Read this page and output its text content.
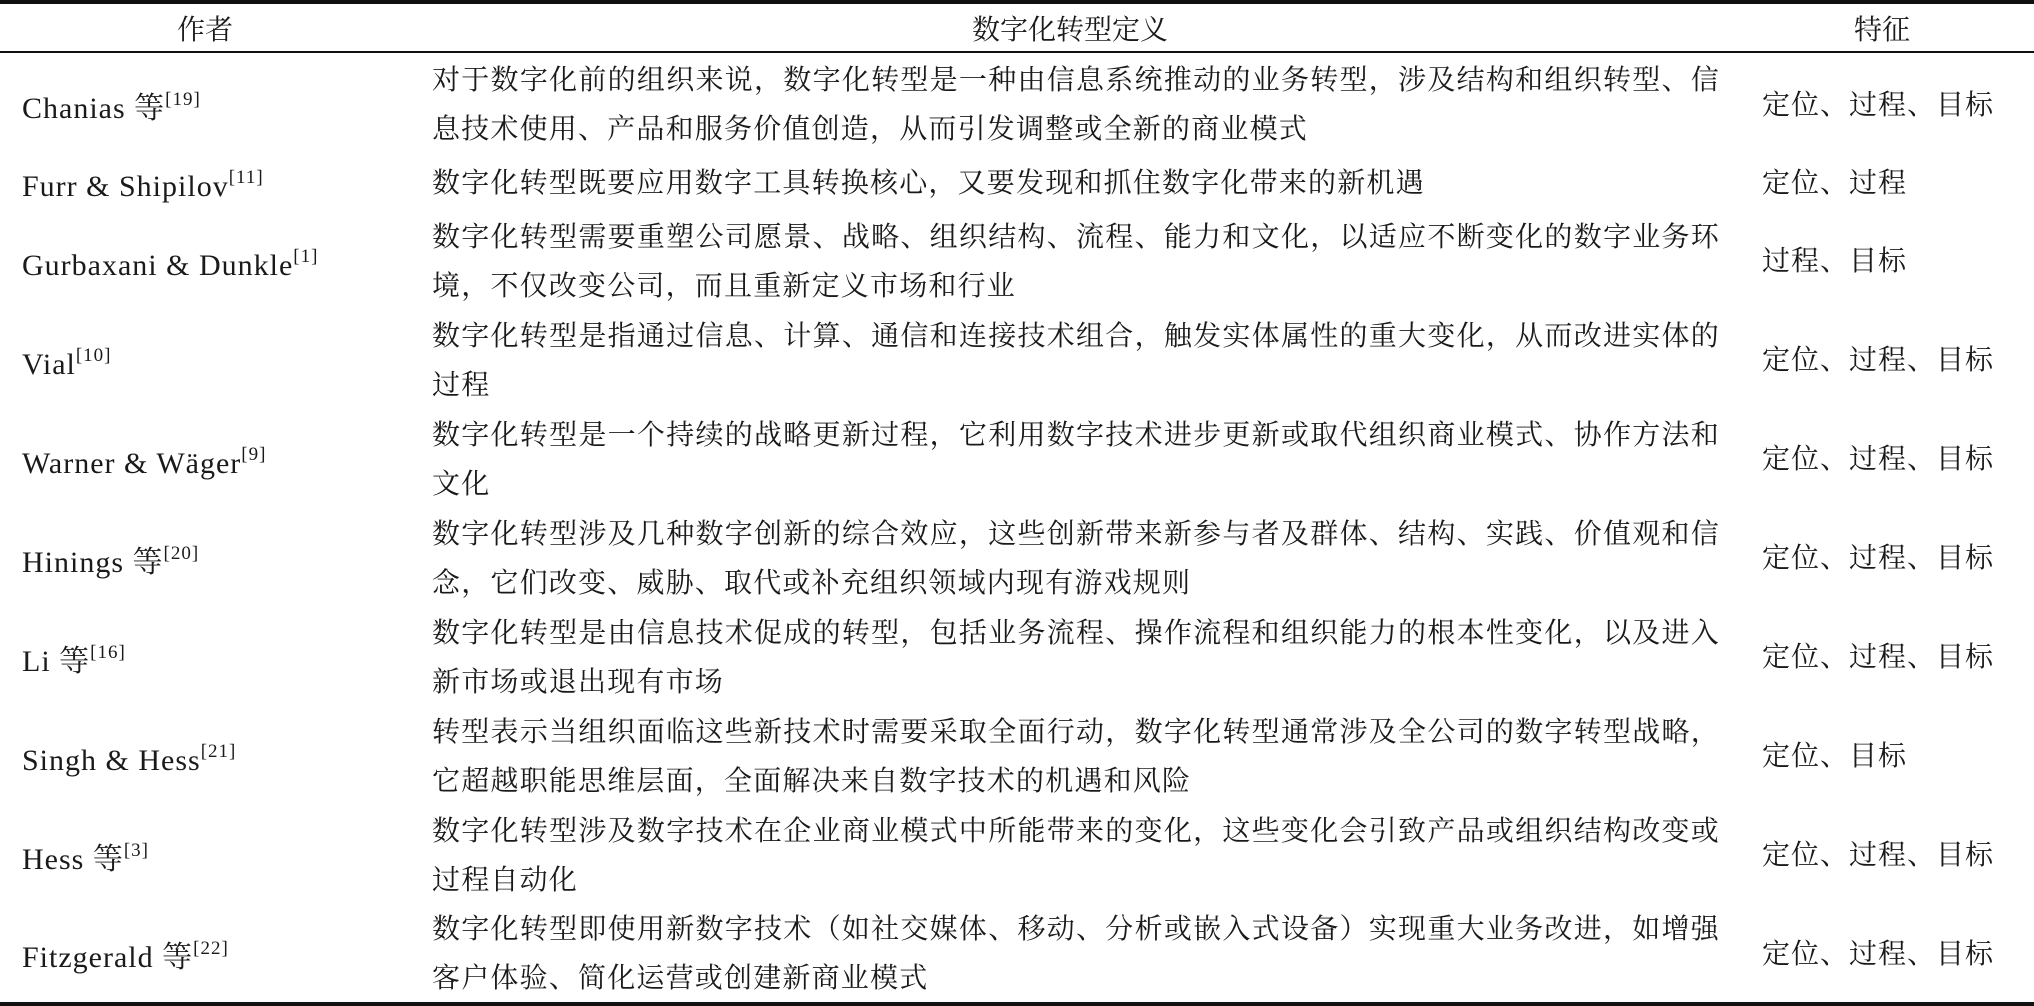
作者	数字化转型定义	特征
Chanias 等[19]	对于数字化前的组织来说，数字化转型是一种由信息系统推动的业务转型，涉及结构和组织转型、信息技术使用、产品和服务价值创造，从而引发调整或全新的商业模式	定位、过程、目标
Furr & Shipilov[11]	数字化转型既要应用数字工具转换核心，又要发现和抓住数字化带来的新机遇	定位、过程
Gurbaxani & Dunkle[1]	数字化转型需要重塑公司愿景、战略、组织结构、流程、能力和文化，以适应不断变化的数字业务环境，不仅改变公司，而且重新定义市场和行业	过程、目标
Vial[10]	数字化转型是指通过信息、计算、通信和连接技术组合，触发实体属性的重大变化，从而改进实体的过程	定位、过程、目标
Warner & Wäger[9]	数字化转型是一个持续的战略更新过程，它利用数字技术进步更新或取代组织商业模式、协作方法和文化	定位、过程、目标
Hinings 等[20]	数字化转型涉及几种数字创新的综合效应，这些创新带来新参与者及群体、结构、实践、价值观和信念，它们改变、威胁、取代或补充组织领域内现有游戏规则	定位、过程、目标
Li 等[16]	数字化转型是由信息技术促成的转型，包括业务流程、操作流程和组织能力的根本性变化，以及进入新市场或退出现有市场	定位、过程、目标
Singh & Hess[21]	转型表示当组织面临这些新技术时需要采取全面行动，数字化转型通常涉及全公司的数字转型战略，它超越职能思维层面，全面解决来自数字技术的机遇和风险	定位、目标
Hess 等[3]	数字化转型涉及数字技术在企业商业模式中所能带来的变化，这些变化会引致产品或组织结构改变或过程自动化	定位、过程、目标
Fitzgerald 等[22]	数字化转型即使用新数字技术（如社交媒体、移动、分析或嵌入式设备）实现重大业务改进，如增强客户体验、简化运营或创建新商业模式	定位、过程、目标
